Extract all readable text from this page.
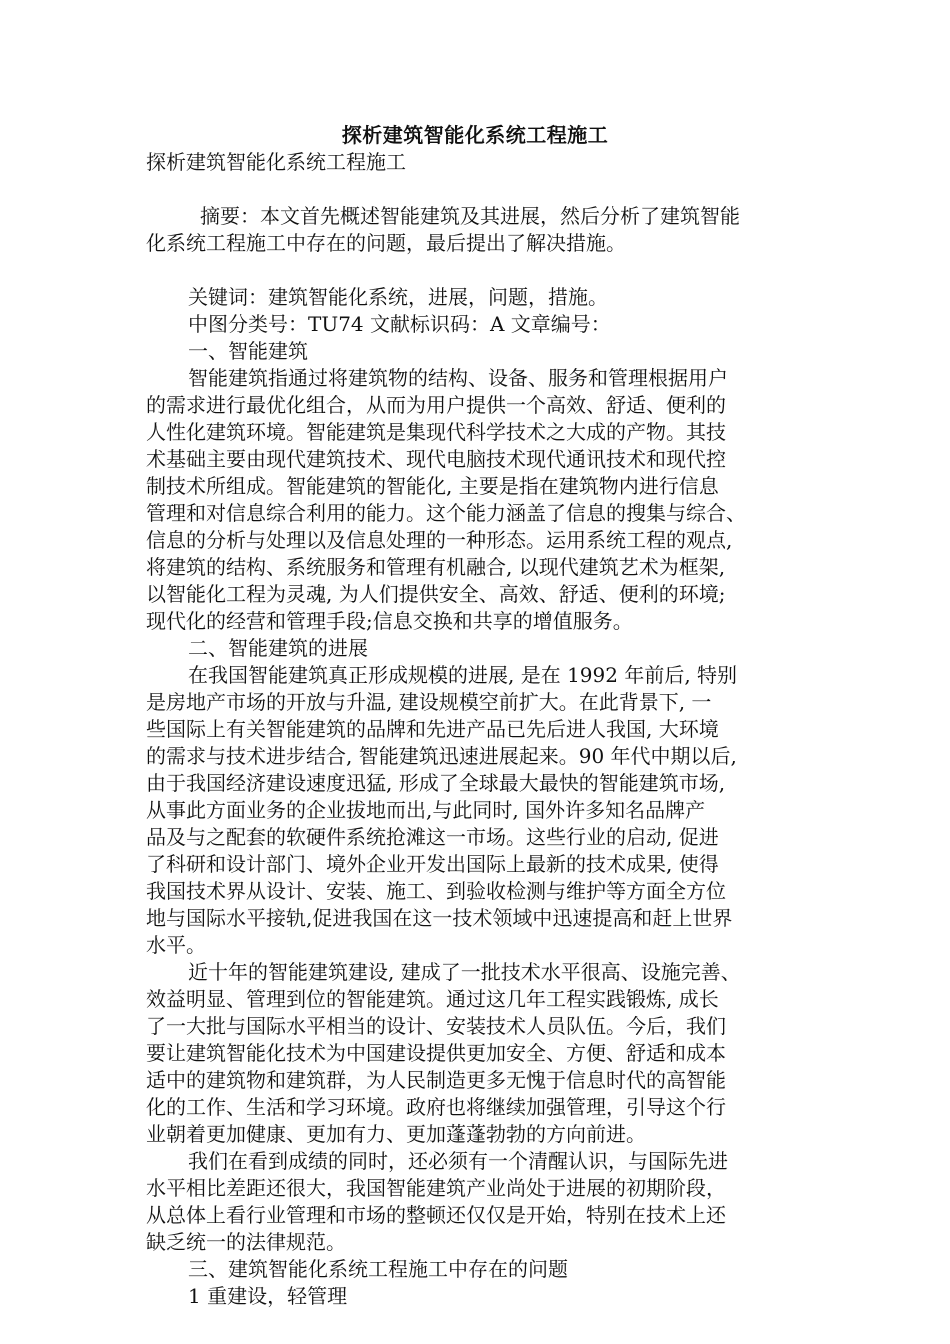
探析建筑智能化系统工程施工
探析建筑智能化系统工程施工
摘要：本文首先概述智能建筑及其进展，然后分析了建筑智能
化系统工程施工中存在的问题，最后提出了解决措施。
关键词：建筑智能化系统，进展，问题，措施。
中图分类号：TU74 文献标识码：A 文章编号：
一、智能建筑
智能建筑指通过将建筑物的结构、设备、服务和管理根据用户
的需求进行最优化组合，从而为用户提供一个高效、舒适、便利的
人性化建筑环境。智能建筑是集现代科学技术之大成的产物。其技
术基础主要由现代建筑技术、现代电脑技术现代通讯技术和现代控
制技术所组成。智能建筑的智能化, 主要是指在建筑物内进行信息
管理和对信息综合利用的能力。这个能力涵盖了信息的搜集与综合、
信息的分析与处理以及信息处理的一种形态。运用系统工程的观点,
将建筑的结构、系统服务和管理有机融合, 以现代建筑艺术为框架,
以智能化工程为灵魂, 为人们提供安全、高效、舒适、便利的环境;
现代化的经营和管理手段;信息交换和共享的增值服务。
二、智能建筑的进展
在我国智能建筑真正形成规模的进展, 是在 1992 年前后, 特别
是房地产市场的开放与升温, 建设规模空前扩大。在此背景下, 一
些国际上有关智能建筑的品牌和先进产品已先后进人我国, 大环境
的需求与技术进步结合, 智能建筑迅速进展起来。90 年代中期以后,
由于我国经济建设速度迅猛, 形成了全球最大最快的智能建筑市场,
从事此方面业务的企业拔地而出,与此同时, 国外许多知名品牌产
品及与之配套的软硬件系统抢滩这一市场。这些行业的启动, 促进
了科研和设计部门、境外企业开发出国际上最新的技术成果, 使得
我国技术界从设计、安装、施工、到验收检测与维护等方面全方位
地与国际水平接轨,促进我国在这一技术领域中迅速提高和赶上世界
水平。
近十年的智能建筑建设, 建成了一批技术水平很高、设施完善、
效益明显、管理到位的智能建筑。通过这几年工程实践锻炼, 成长
了一大批与国际水平相当的设计、安装技术人员队伍。今后，我们
要让建筑智能化技术为中国建设提供更加安全、方便、舒适和成本
适中的建筑物和建筑群，为人民制造更多无愧于信息时代的高智能
化的工作、生活和学习环境。政府也将继续加强管理，引导这个行
业朝着更加健康、更加有力、更加蓬蓬勃勃的方向前进。
我们在看到成绩的同时，还必须有一个清醒认识，与国际先进
水平相比差距还很大，我国智能建筑产业尚处于进展的初期阶段，
从总体上看行业管理和市场的整顿还仅仅是开始，特别在技术上还
缺乏统一的法律规范。
三、建筑智能化系统工程施工中存在的问题
1 重建设，轻管理
